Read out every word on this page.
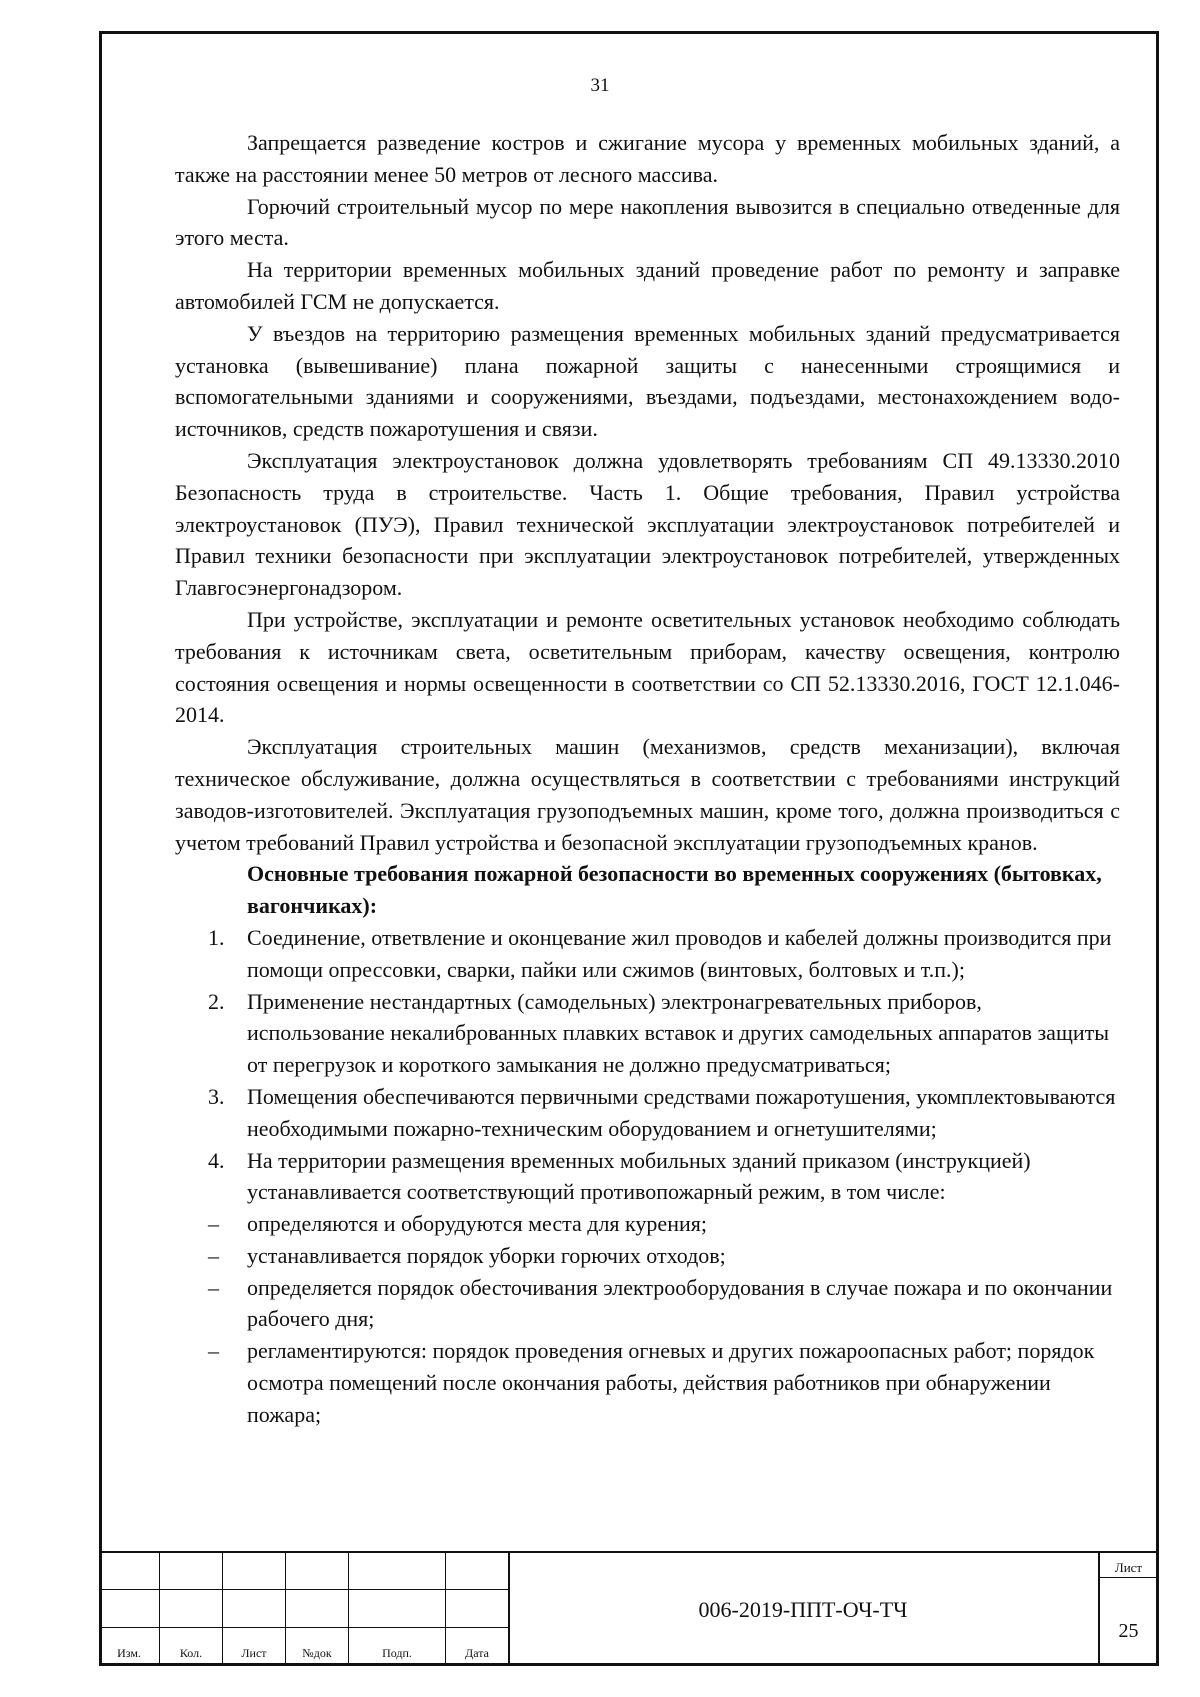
31

Запрещается разведение костров и сжигание мусора у временных мобильных зданий, а также на расстоянии менее 50 метров от лесного массива.

Горючий строительный мусор по мере накопления вывозится в специально отведенные для этого места.

На территории временных мобильных зданий проведение работ по ремонту и заправке автомобилей ГСМ не допускается.

У въездов на территорию размещения временных мобильных зданий предусматривается установка (вывешивание) плана пожарной защиты с нанесенными строящимися и вспомогательными зданиями и сооружениями, въездами, подъездами, местонахождением водо-источников, средств пожаротушения и связи.

Эксплуатация электроустановок должна удовлетворять требованиям СП 49.13330.2010 Безопасность труда в строительстве. Часть 1. Общие требования, Правил устройства электроустановок (ПУЭ), Правил технической эксплуатации электроустановок потребителей и Правил техники безопасности при эксплуатации электроустановок потребителей, утвержденных Главгосэнергонадзором.

При устройстве, эксплуатации и ремонте осветительных установок необходимо соблюдать требования к источникам света, осветительным приборам, качеству освещения, контролю состояния освещения и нормы освещенности в соответствии со СП 52.13330.2016, ГОСТ 12.1.046-2014.

Эксплуатация строительных машин (механизмов, средств механизации), включая техническое обслуживание, должна осуществляться в соответствии с требованиями инструкций заводов-изготовителей. Эксплуатация грузоподъемных машин, кроме того, должна производиться с учетом требований Правил устройства и безопасной эксплуатации грузоподъемных кранов.

Основные требования пожарной безопасности во временных сооружениях (бытовках, вагончиках):

1. Соединение, ответвление и оконцевание жил проводов и кабелей должны производится при помощи опрессовки, сварки, пайки или сжимов (винтовых, болтовых и т.п.);
2. Применение нестандартных (самодельных) электронагревательных приборов, использование некалиброванных плавких вставок и других самодельных аппаратов защиты от перегрузок и короткого замыкания не должно предусматриваться;
3. Помещения обеспечиваются первичными средствами пожаротушения, укомплектовываются необходимыми пожарно-техническим оборудованием и огнетушителями;
4. На территории размещения временных мобильных зданий приказом (инструкцией) устанавливается соответствующий противопожарный режим, в том числе:
– определяются и оборудуются места для курения;
– устанавливается порядок уборки горючих отходов;
– определяется порядок обесточивания электрооборудования в случае пожара и по окончании рабочего дня;
– регламентируются: порядок проведения огневых и других пожароопасных работ; порядок осмотра помещений после окончания работы, действия работников при обнаружении пожара;
Изм.	Кол.	Лист	№док	Подп.	Дата
006-2019-ППТ-ОЧ-ТЧ
Лист
25
